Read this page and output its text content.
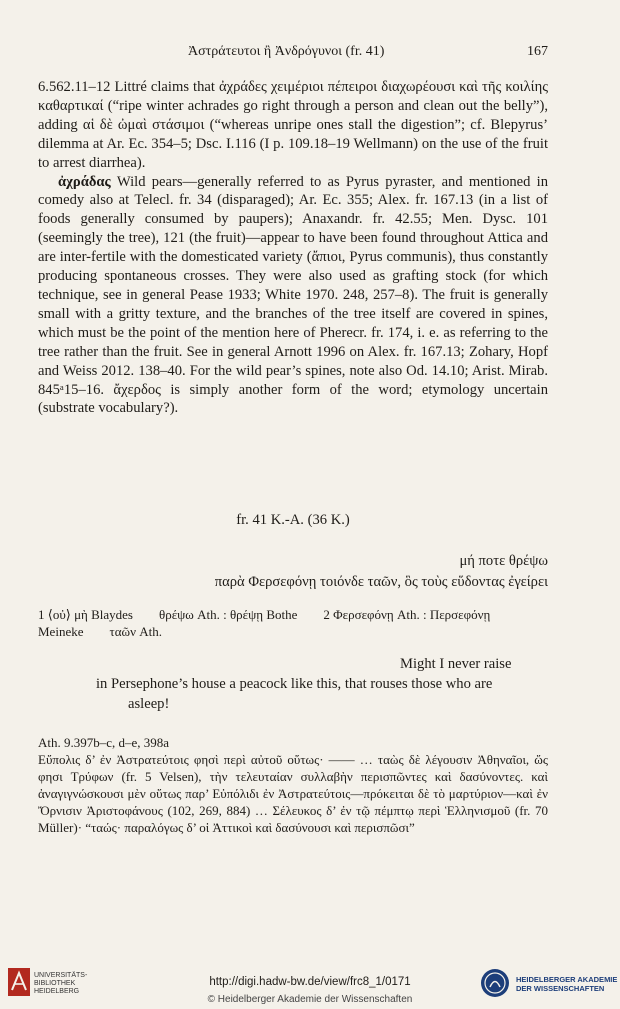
Ἀστράτευτοι ἢ Ἀνδρόγυνοι (fr. 41)	167

6.562.11–12 Littré claims that ἀχράδες χειμέριοι πέπειροι διαχωρέουσι καὶ τῆς κοιλίης καθαρτικαί (“ripe winter achrades go right through a person and clean out the belly”), adding αἱ δὲ ὠμαὶ στάσιμοι (“whereas unripe ones stall the digestion”; cf. Blepyrus’ dilemma at Ar. Ec. 354–5; Dsc. I.116 (I p. 109.18–19 Wellmann) on the use of the fruit to arrest diarrhea).

ἀχράδας Wild pears—generally referred to as Pyrus pyraster, and mentioned in comedy also at Telecl. fr. 34 (disparaged); Ar. Ec. 355; Alex. fr. 167.13 (in a list of foods generally consumed by paupers); Anaxandr. fr. 42.55; Men. Dysc. 101 (seemingly the tree), 121 (the fruit)—appear to have been found throughout Attica and are inter-fertile with the domesticated variety (ἄπιοι, Pyrus communis), thus constantly producing spontaneous crosses. They were also used as grafting stock (for which technique, see in general Pease 1933; White 1970. 248, 257–8). The fruit is generally small with a gritty texture, and the branches of the tree itself are covered in spines, which must be the point of the mention here of Pherecr. fr. 174, i. e. as referring to the tree rather than the fruit. See in general Arnott 1996 on Alex. fr. 167.13; Zohary, Hopf and Weiss 2012. 138–40. For the wild pear’s spines, note also Od. 14.10; Arist. Mirab. 845ᵃ15–16. ἄχερδος is simply another form of the word; etymology uncertain (substrate vocabulary?).

fr. 41 K.-A. (36 K.)
μή ποτε θρέψω
παρὰ Φερσεφόνῃ τοιόνδε ταῶν, ὃς τοὺς εὕδοντας ἐγείρει
1 ⟨οὐ⟩ μὴ Blaydes        θρέψω Ath. : θρέψῃ Bothe        2 Φερσεφόνῃ Ath. : Περσεφόνῃ
Meineke        ταῶν Ath.
Might I never raise
in Persephone’s house a peacock like this, that rouses those who are
asleep!

Ath. 9.397b–c, d–e, 398a

Εὔπολις δ’ ἐν Ἀστρατεύτοις φησὶ περὶ αὐτοῦ οὕτως· —— … ταὼς δὲ λέγουσιν Ἀθηναῖοι, ὥς φησι Τρύφων (fr. 5 Velsen), τὴν τελευταίαν συλλαβὴν περισπῶντες καὶ δασύνοντες. καὶ ἀναγιγνώσκουσι μὲν οὕτως παρ’ Εὐπόλιδι ἐν Ἀστρατεύτοις—πρόκειται δὲ τὸ μαρτύριον—καὶ ἐν Ὄρνισιν Ἀριστοφάνους (102, 269, 884) … Σέλευκος δ’ ἐν τῷ πέμπτῳ περὶ Ἑλληνισμοῦ (fr. 70 Müller)· “ταώς· παραλόγως δ’ οἱ Ἀττικοὶ καὶ δασύνουσι καὶ περισπῶσι”

UNIVERSITÄTS-
BIBLIOTHEK
HEIDELBERG
http://digi.hadw-bw.de/view/frc8_1/0171
© Heidelberger Akademie der Wissenschaften
HEIDELBERGER AKADEMIE
DER WISSENSCHAFTEN
